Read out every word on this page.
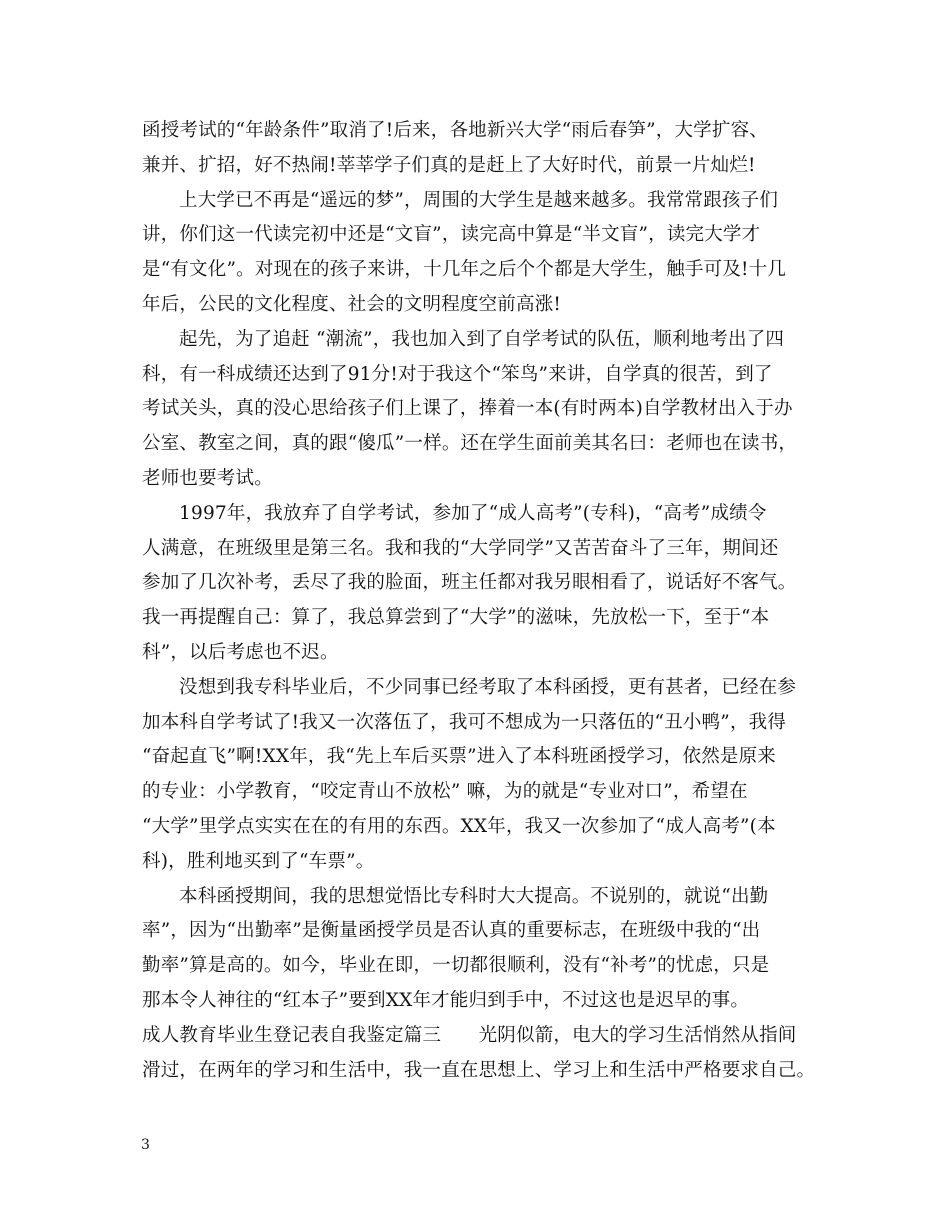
函授考试的“年龄条件”取消了!后来，各地新兴大学“雨后春笋”，大学扩容、
兼并、扩招，好不热闹!莘莘学子们真的是赶上了大好时代，前景一片灿烂!
上大学已不再是“遥远的梦”，周围的大学生是越来越多。我常常跟孩子们
讲，你们这一代读完初中还是“文盲”，读完高中算是“半文盲”，读完大学才
是“有文化”。对现在的孩子来讲，十几年之后个个都是大学生，触手可及!十几
年后，公民的文化程度、社会的文明程度空前高涨!
起先，为了追赶 “潮流”，我也加入到了自学考试的队伍，顺利地考出了四
科，有一科成绩还达到了91分!对于我这个“笨鸟”来讲，自学真的很苦，到了
考试关头，真的没心思给孩子们上课了，捧着一本(有时两本)自学教材出入于办
公室、教室之间，真的跟“傻瓜”一样。还在学生面前美其名曰：老师也在读书，
老师也要考试。
1997年，我放弃了自学考试，参加了“成人高考”(专科)，“高考”成绩令
人满意，在班级里是第三名。我和我的“大学同学”又苦苦奋斗了三年，期间还
参加了几次补考，丢尽了我的脸面，班主任都对我另眼相看了，说话好不客气。
我一再提醒自己：算了，我总算尝到了“大学”的滋味，先放松一下，至于“本
科”，以后考虑也不迟。
没想到我专科毕业后，不少同事已经考取了本科函授，更有甚者，已经在参
加本科自学考试了!我又一次落伍了，我可不想成为一只落伍的“丑小鸭”，我得
“奋起直飞”啊!XX年，我“先上车后买票”进入了本科班函授学习，依然是原来
的专业：小学教育，“咬定青山不放松” 嘛，为的就是“专业对口”，希望在
“大学”里学点实实在在的有用的东西。XX年，我又一次参加了“成人高考”(本
科)，胜利地买到了“车票”。
本科函授期间，我的思想觉悟比专科时大大提高。不说别的，就说“出勤
率”，因为“出勤率”是衡量函授学员是否认真的重要标志，在班级中我的“出
勤率”算是高的。如今，毕业在即，一切都很顺利，没有“补考”的忧虑，只是
那本令人神往的“红本子”要到XX年才能归到手中，不过这也是迟早的事。
成人教育毕业生登记表自我鉴定篇三　　光阴似箭，电大的学习生活悄然从指间
滑过，在两年的学习和生活中，我一直在思想上、学习上和生活中严格要求自己。
3
